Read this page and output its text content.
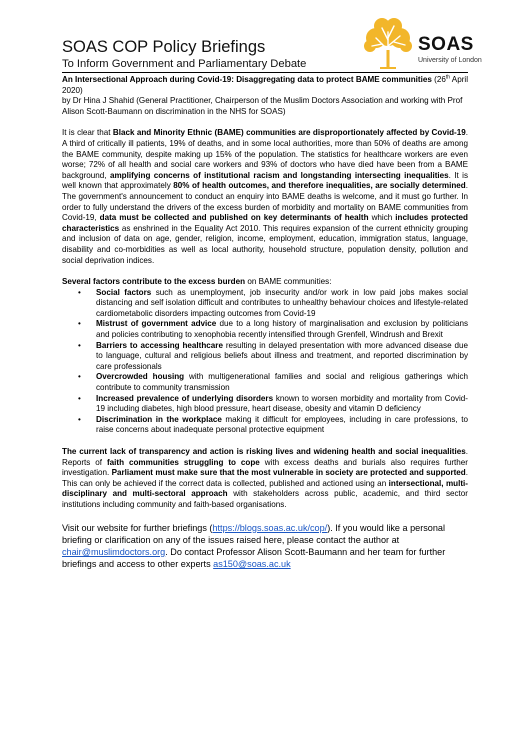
SOAS COP Policy Briefings
To Inform Government and Parliamentary Debate
SOAS
University of London

An Intersectional Approach during Covid-19: Disaggregating data to protect BAME communities (26th April 2020)

by Dr Hina J Shahid (General Practitioner, Chairperson of the Muslim Doctors Association and working with Prof Alison Scott-Baumann on discrimination in the NHS for SOAS)

It is clear that Black and Minority Ethnic (BAME) communities are disproportionately affected by Covid-19. A third of critically ill patients, 19% of deaths, and in some local authorities, more than 50% of deaths are among the BAME community, despite making up 15% of the population. The statistics for healthcare workers are even worse; 72% of all health and social care workers and 93% of doctors who have died have been from a BAME background, amplifying concerns of institutional racism and longstanding intersecting inequalities. It is well known that approximately 80% of health outcomes, and therefore inequalities, are socially determined. The government's announcement to conduct an enquiry into BAME deaths is welcome, and it must go further. In order to fully understand the drivers of the excess burden of morbidity and mortality on BAME communities from Covid-19, data must be collected and published on key determinants of health which includes protected characteristics as enshrined in the Equality Act 2010. This requires expansion of the current ethnicity grouping and inclusion of data on age, gender, religion, income, employment, education, immigration status, language, disability and co-morbidities as well as local authority, household structure, population density, pollution and social deprivation indices.

Several factors contribute to the excess burden on BAME communities:

• Social factors such as unemployment, job insecurity and/or work in low paid jobs makes social distancing and self isolation difficult and contributes to unhealthy behaviour choices and lifestyle-related cardiometabolic disorders impacting outcomes from Covid-19
• Mistrust of government advice due to a long history of marginalisation and exclusion by politicians and policies contributing to xenophobia recently intensified through Grenfell, Windrush and Brexit
• Barriers to accessing healthcare resulting in delayed presentation with more advanced disease due to language, cultural and religious beliefs about illness and treatment, and reported discrimination by care professionals
• Overcrowded housing with multigenerational families and social and religious gatherings which contribute to community transmission
• Increased prevalence of underlying disorders known to worsen morbidity and mortality from Covid-19 including diabetes, high blood pressure, heart disease, obesity and vitamin D deficiency
• Discrimination in the workplace making it difficult for employees, including in care professions, to raise concerns about inadequate personal protective equipment

The current lack of transparency and action is risking lives and widening health and social inequalities. Reports of faith communities struggling to cope with excess deaths and burials also requires further investigation. Parliament must make sure that the most vulnerable in society are protected and supported. This can only be achieved if the correct data is collected, published and actioned using an intersectional, multi-disciplinary and multi-sectoral approach with stakeholders across public, academic, and third sector institutions including community and faith-based organisations.

Visit our website for further briefings (https://blogs.soas.ac.uk/cop/). If you would like a personal briefing or clarification on any of the issues raised here, please contact the author at chair@muslimdoctors.org. Do contact Professor Alison Scott-Baumann and her team for further briefings and access to other experts as150@soas.ac.uk
